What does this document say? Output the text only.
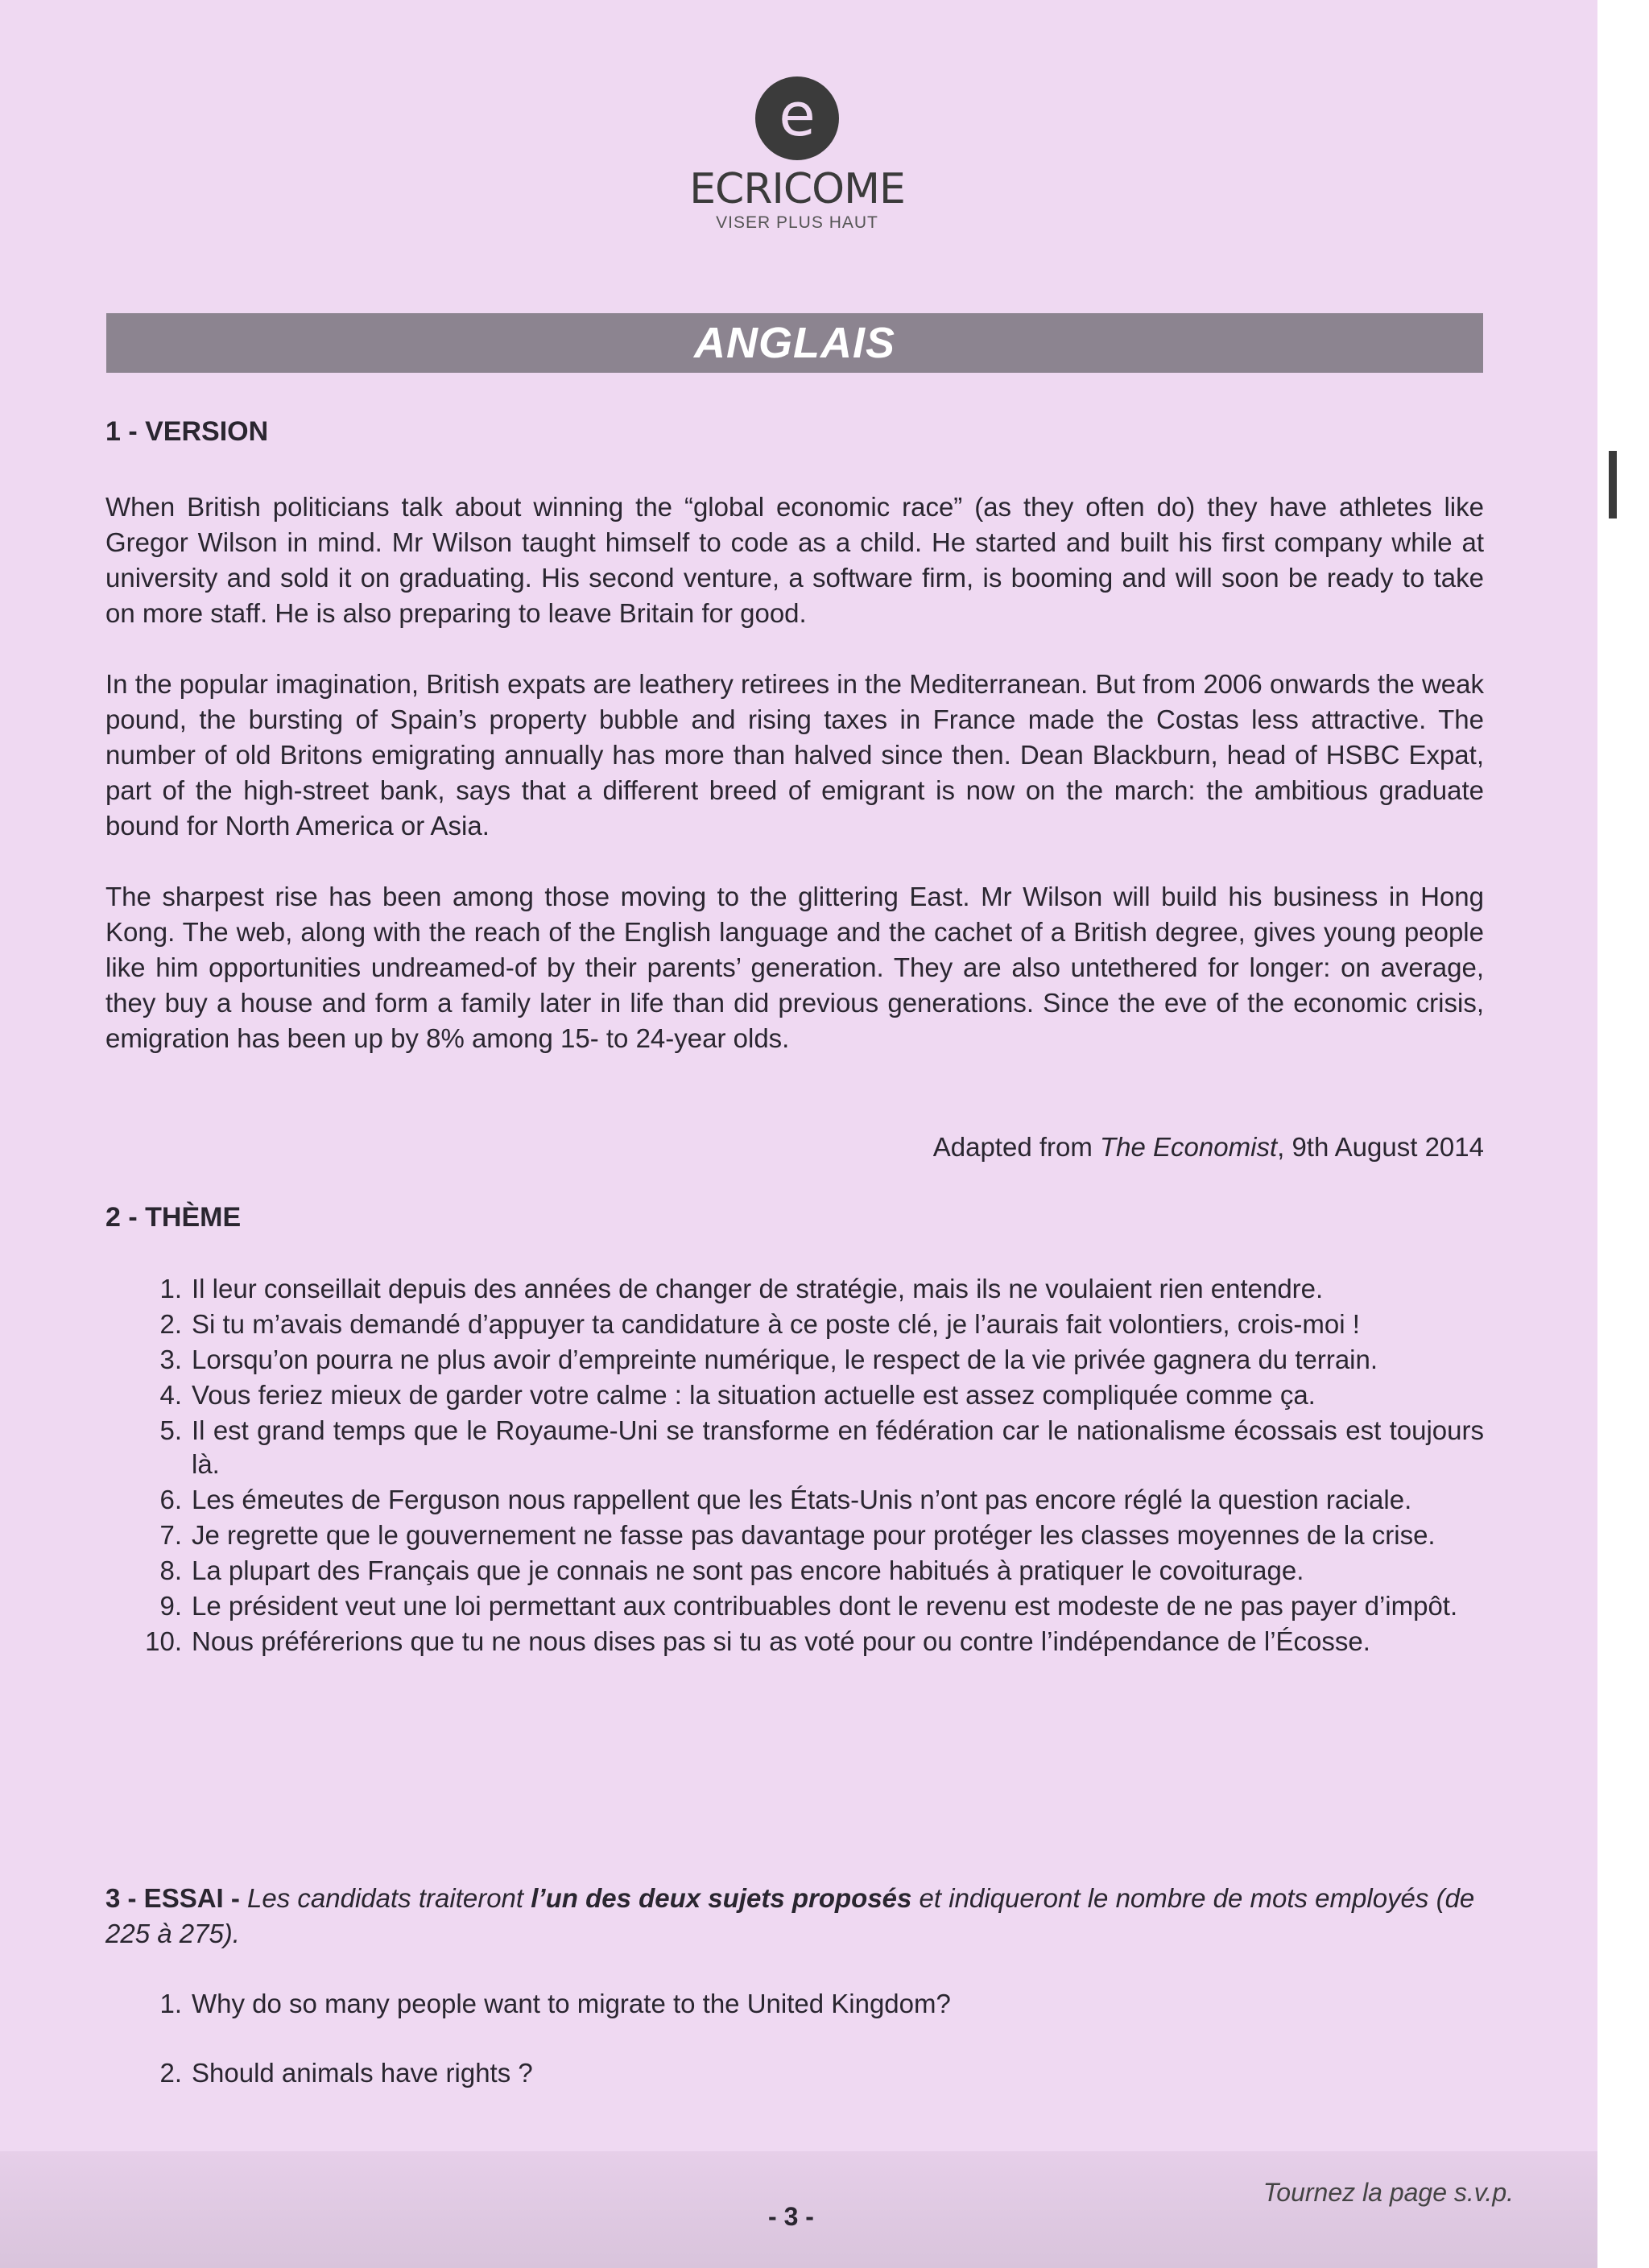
e
ECRICOME
VISER PLUS HAUT
ANGLAIS
1 - VERSION

When British politicians talk about winning the “global economic race” (as they often do) they have athletes like Gregor Wilson in mind. Mr Wilson taught himself to code as a child. He started and built his first company while at university and sold it on graduating. His second venture, a software firm, is booming and will soon be ready to take on more staff. He is also preparing to leave Britain for good.

In the popular imagination, British expats are leathery retirees in the Mediterranean. But from 2006 onwards the weak pound, the bursting of Spain’s property bubble and rising taxes in France made the Costas less attractive. The number of old Britons emigrating annually has more than halved since then. Dean Blackburn, head of HSBC Expat, part of the high-street bank, says that a different breed of emigrant is now on the march: the ambitious graduate bound for North America or Asia.

The sharpest rise has been among those moving to the glittering East. Mr Wilson will build his business in Hong Kong. The web, along with the reach of the English language and the cachet of a British degree, gives young people like him opportunities undreamed-of by their parents’ generation. They are also untethered for longer: on average, they buy a house and form a family later in life than did previous generations. Since the eve of the economic crisis, emigration has been up by 8% among 15- to 24-year olds.

Adapted from The Economist, 9th August 2014
2 - THÈME
1. Il leur conseillait depuis des années de changer de stratégie, mais ils ne voulaient rien entendre.
2. Si tu m’avais demandé d’appuyer ta candidature à ce poste clé, je l’aurais fait volontiers, crois-moi !
3. Lorsqu’on pourra ne plus avoir d’empreinte numérique, le respect de la vie privée gagnera du terrain.
4. Vous feriez mieux de garder votre calme : la situation actuelle est assez compliquée comme ça.
5. Il est grand temps que le Royaume-Uni se transforme en fédération car le nationalisme écossais est toujours là.
6. Les émeutes de Ferguson nous rappellent que les États-Unis n’ont pas encore réglé la question raciale.
7. Je regrette que le gouvernement ne fasse pas davantage pour protéger les classes moyennes de la crise.
8. La plupart des Français que je connais ne sont pas encore habitués à pratiquer le covoiturage.
9. Le président veut une loi permettant aux contribuables dont le revenu est modeste de ne pas payer d’impôt.
10. Nous préférerions que tu ne nous dises pas si tu as voté pour ou contre l’indépendance de l’Écosse.
3 - ESSAI - Les candidats traiteront l’un des deux sujets proposés et indiqueront le nombre de mots employés (de 225 à 275).
1. Why do so many people want to migrate to the United Kingdom?
2. Should animals have rights ?
Tournez la page s.v.p.
- 3 -
